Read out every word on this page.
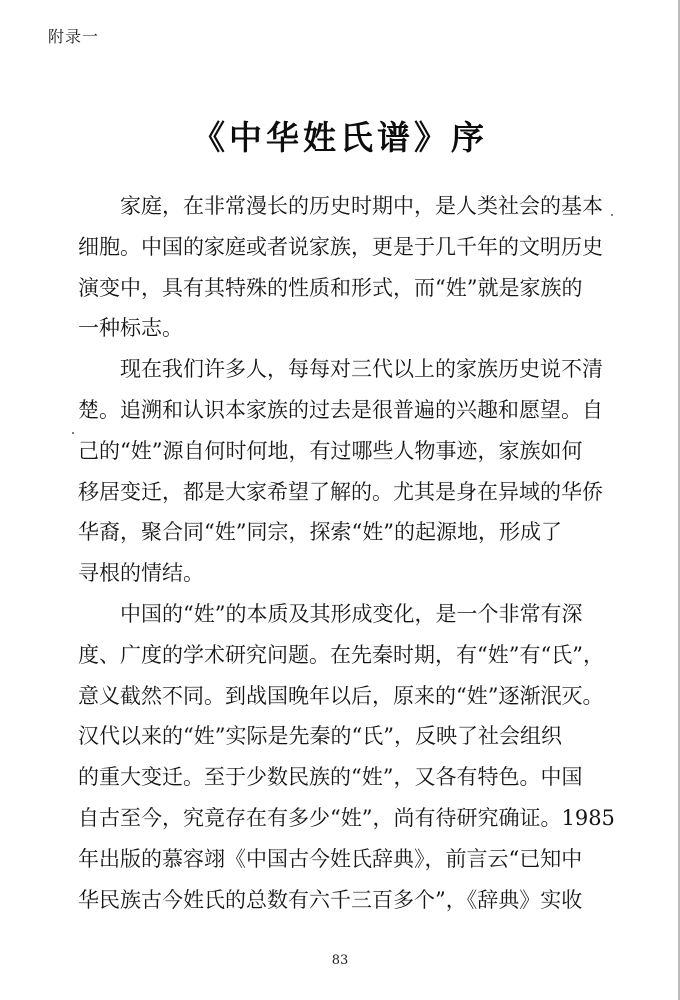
附录一
《中华姓氏谱》序
家庭，在非常漫长的历史时期中，是人类社会的基本
细胞。中国的家庭或者说家族，更是于几千年的文明历史
演变中，具有其特殊的性质和形式，而“姓”就是家族的
一种标志。
现在我们许多人，每每对三代以上的家族历史说不清
楚。追溯和认识本家族的过去是很普遍的兴趣和愿望。自
己的“姓”源自何时何地，有过哪些人物事迹，家族如何
移居变迁，都是大家希望了解的。尤其是身在异域的华侨
华裔，聚合同“姓”同宗，探索“姓”的起源地，形成了
寻根的情结。
中国的“姓”的本质及其形成变化，是一个非常有深
度、广度的学术研究问题。在先秦时期，有“姓”有“氏”，
意义截然不同。到战国晚年以后，原来的“姓”逐渐泯灭。
汉代以来的“姓”实际是先秦的“氏”，反映了社会组织
的重大变迁。至于少数民族的“姓”，又各有特色。中国
自古至今，究竟存在有多少“姓”，尚有待研究确证。1985
年出版的慕容翊《中国古今姓氏辞典》，前言云“已知中
华民族古今姓氏的总数有六千三百多个”，《辞典》实收
83
